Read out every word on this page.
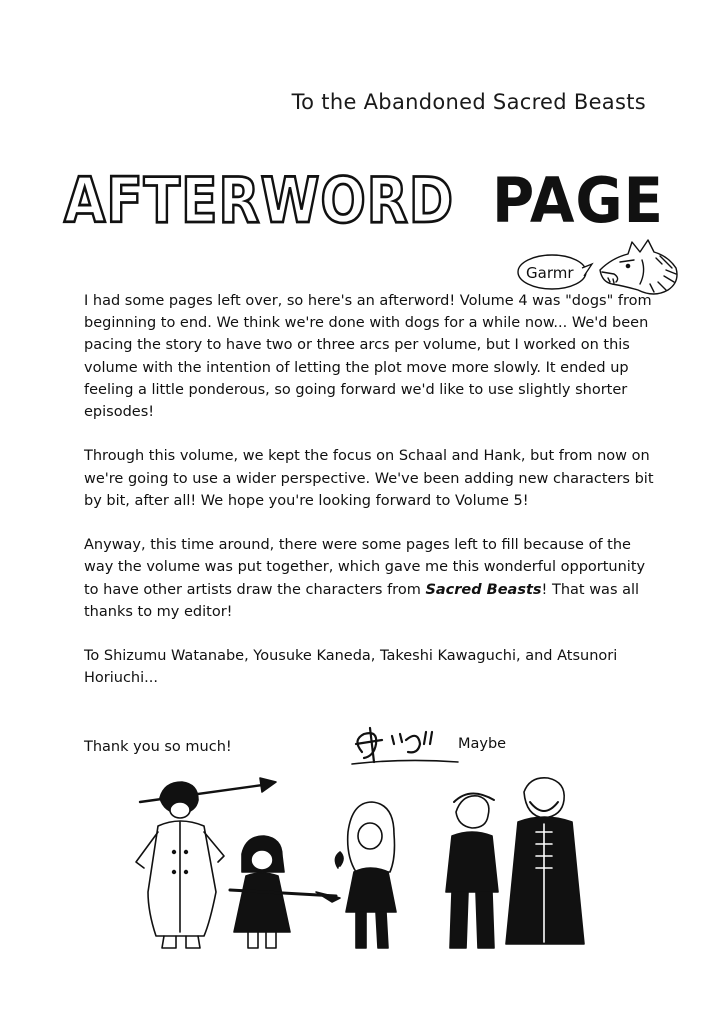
To the Abandoned Sacred Beasts
AFTERWORD PAGE
Garmr

I had some pages left over, so here's an afterword! Volume 4 was "dogs" from beginning to end. We think we're done with dogs for a while now... We'd been pacing the story to have two or three arcs per volume, but I worked on this volume with the intention of letting the plot move more slowly. It ended up feeling a little ponderous, so going forward we'd like to use slightly shorter episodes!

Through this volume, we kept the focus on Schaal and Hank, but from now on we're going to use a wider perspective. We've been adding new characters bit by bit, after all! We hope you're looking forward to Volume 5!

Anyway, this time around, there were some pages left to fill because of the way the volume was put together, which gave me this wonderful opportunity to have other artists draw the characters from Sacred Beasts! That was all thanks to my editor!

To Shizumu Watanabe, Yousuke Kaneda, Takeshi Kawaguchi, and Atsunori Horiuchi...

Thank you so much!	Maybe
